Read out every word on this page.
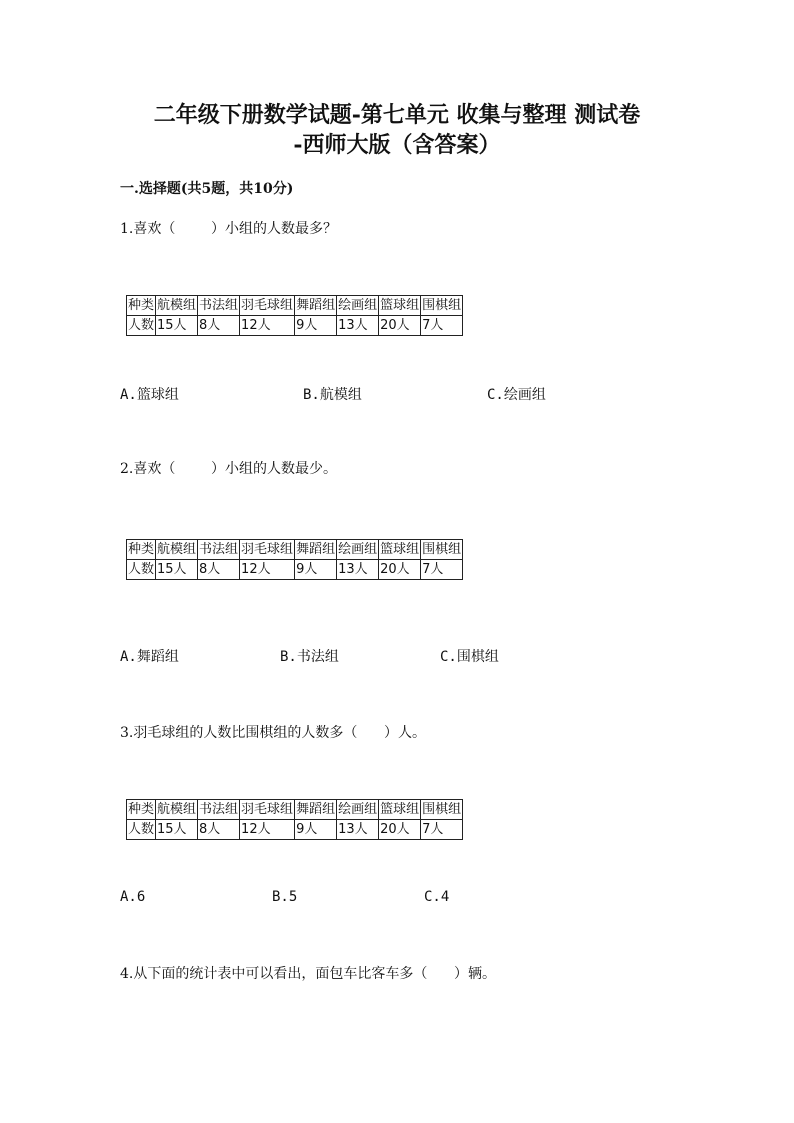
二年级下册数学试题-第七单元 收集与整理 测试卷
-西师大版（含答案）
一.选择题(共5题，共10分)
1.喜欢（        ）小组的人数最多？
种类	航模组	书法组	羽毛球组	舞蹈组	绘画组	篮球组	围棋组
人数	15人	8人	12人	9人	13人	20人	7人
A.篮球组	B.航模组	C.绘画组
2.喜欢（        ）小组的人数最少。
种类	航模组	书法组	羽毛球组	舞蹈组	绘画组	篮球组	围棋组
人数	15人	8人	12人	9人	13人	20人	7人
A.舞蹈组	B.书法组	C.围棋组
3.羽毛球组的人数比围棋组的人数多（      ）人。
种类	航模组	书法组	羽毛球组	舞蹈组	绘画组	篮球组	围棋组
人数	15人	8人	12人	9人	13人	20人	7人
A.6	B.5	C.4
4.从下面的统计表中可以看出，面包车比客车多（      ）辆。
